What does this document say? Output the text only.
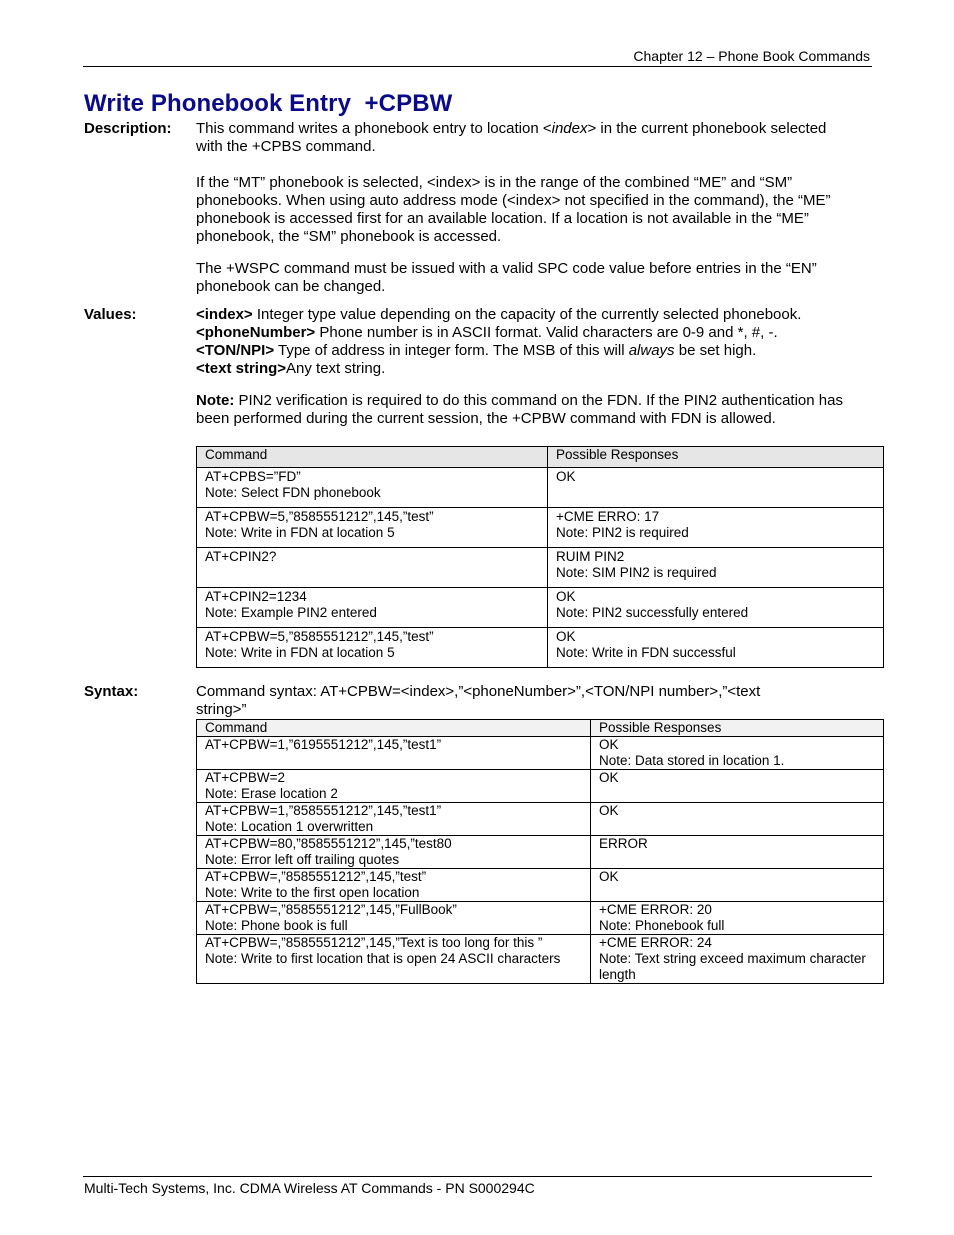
Chapter 12 – Phone Book Commands
Write Phonebook Entry  +CPBW
Description: This command writes a phonebook entry to location <index> in the current phonebook selected with the +CPBS command.

If the “MT” phonebook is selected, <index> is in the range of the combined “ME” and “SM” phonebooks. When using auto address mode (<index> not specified in the command), the “ME” phonebook is accessed first for an available location. If a location is not available in the “ME” phonebook, the “SM” phonebook is accessed.

The +WSPC command must be issued with a valid SPC code value before entries in the “EN” phonebook can be changed.

Values:	<index> Integer type value depending on the capacity of the currently selected phonebook.

<phoneNumber> Phone number is in ASCII format. Valid characters are 0-9 and *, #, -.

<TON/NPI> Type of address in integer form. The MSB of this will always be set high.

<text string>Any text string.

Note: PIN2 verification is required to do this command on the FDN. If the PIN2 authentication has been performed during the current session, the +CPBW command with FDN is allowed.

Command	Possible Responses

AT+CPBS=”FD”
Note: Select FDN phonebook	OK

AT+CPBW=5,”8585551212”,145,”test”
Note: Write in FDN at location 5	+CME ERRO: 17
Note: PIN2 is required

AT+CPIN2?	RUIM PIN2
Note: SIM PIN2 is required

AT+CPIN2=1234
Note: Example PIN2 entered	OK
Note: PIN2 successfully entered

AT+CPBW=5,”8585551212”,145,”test”
Note: Write in FDN at location 5	OK
Note: Write in FDN successful
Syntax:	Command syntax: AT+CPBW=<index>,”<phoneNumber>”,<TON/NPI number>,”<text string>”
Command	Possible Responses

AT+CPBW=1,”6195551212”,145,”test1”	OK
Note: Data stored in location 1.

AT+CPBW=2
Note: Erase location 2	OK

AT+CPBW=1,”8585551212”,145,”test1”
Note: Location 1 overwritten	OK

AT+CPBW=80,”8585551212”,145,”test80
Note: Error left off trailing quotes	ERROR

AT+CPBW=,”8585551212”,145,”test”
Note: Write to the first open location	OK

AT+CPBW=,”8585551212”,145,”FullBook”
Note: Phone book is full	+CME ERROR: 20
Note: Phonebook full

AT+CPBW=,”8585551212”,145,”Text is too long for this ”
Note: Write to first location that is open 24 ASCII characters	+CME ERROR: 24
Note: Text string exceed maximum character
length
Multi-Tech Systems, Inc. CDMA Wireless AT Commands - PN S000294C
